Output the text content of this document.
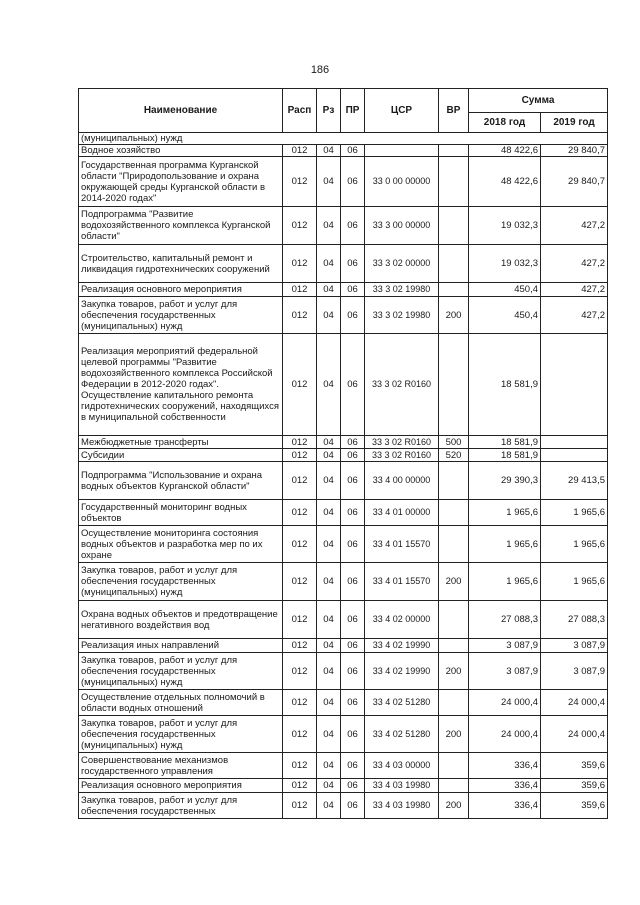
186
Наименование	Расп	Рз	ПР	ЦСР	ВР	Сумма	
						2018 год	2019 год
(муниципальных) нужд							
Водное хозяйство	012	04	06			48 422,6	29 840,7
Государственная программа Курганской области "Природопользование и охрана окружающей среды Курганской области в 2014-2020 годах"	012	04	06	33 0 00 00000		48 422,6	29 840,7
Подпрограмма "Развитие водохозяйственного комплекса Курганской области"	012	04	06	33 3 00 00000		19 032,3	427,2
Строительство, капитальный ремонт и ликвидация гидротехнических сооружений	012	04	06	33 3 02 00000		19 032,3	427,2
Реализация основного мероприятия	012	04	06	33 3 02 19980		450,4	427,2
Закупка товаров, работ и услуг для обеспечения государственных (муниципальных) нужд	012	04	06	33 3 02 19980	200	450,4	427,2
Реализация мероприятий федеральной целевой программы "Развитие водохозяйственного комплекса Российской Федерации в 2012-2020 годах". Осуществление капитального ремонта гидротехнических сооружений, находящихся в муниципальной собственности	012	04	06	33 3 02 R0160		18 581,9	
Межбюджетные трансферты	012	04	06	33 3 02 R0160	500	18 581,9	
Субсидии	012	04	06	33 3 02 R0160	520	18 581,9	
Подпрограмма "Использование и охрана водных объектов Курганской области"	012	04	06	33 4 00 00000		29 390,3	29 413,5
Государственный мониторинг водных объектов	012	04	06	33 4 01 00000		1 965,6	1 965,6
Осуществление мониторинга состояния водных объектов и разработка мер по их охране	012	04	06	33 4 01 15570		1 965,6	1 965,6
Закупка товаров, работ и услуг для обеспечения государственных (муниципальных) нужд	012	04	06	33 4 01 15570	200	1 965,6	1 965,6
Охрана водных объектов и предотвращение негативного воздействия вод	012	04	06	33 4 02 00000		27 088,3	27 088,3
Реализация иных направлений	012	04	06	33 4 02 19990		3 087,9	3 087,9
Закупка товаров, работ и услуг для обеспечения государственных (муниципальных) нужд	012	04	06	33 4 02 19990	200	3 087,9	3 087,9
Осуществление отдельных полномочий в области водных отношений	012	04	06	33 4 02 51280		24 000,4	24 000,4
Закупка товаров, работ и услуг для обеспечения государственных (муниципальных) нужд	012	04	06	33 4 02 51280	200	24 000,4	24 000,4
Совершенствование механизмов государственного управления	012	04	06	33 4 03 00000		336,4	359,6
Реализация основного мероприятия	012	04	06	33 4 03 19980		336,4	359,6
Закупка товаров, работ и услуг для обеспечения государственных	012	04	06	33 4 03 19980	200	336,4	359,6
